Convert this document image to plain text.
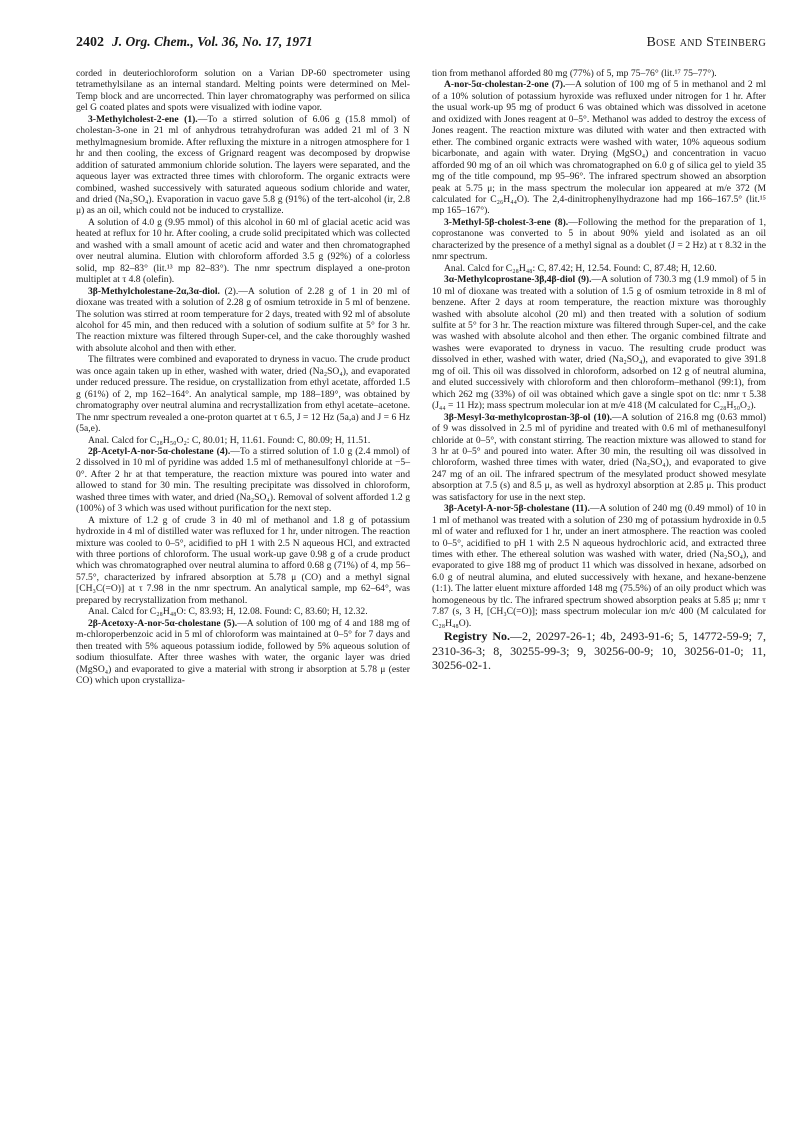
2402 J. Org. Chem., Vol. 36, No. 17, 1971	Bose and Steinberg

corded in deuteriochloroform solution on a Varian DP-60 spectrometer using tetramethylsilane as an internal standard. Melting points were determined on Mel-Temp block and are uncorrected. Thin layer chromatography was performed on silica gel G coated plates and spots were visualized with iodine vapor.

3-Methylcholest-2-ene (1).—To a stirred solution of 6.06 g (15.8 mmol) of cholestan-3-one in 21 ml of anhydrous tetrahydrofuran was added 21 ml of 3 N methylmagnesium bromide. After refluxing the mixture in a nitrogen atmosphere for 1 hr and then cooling, the excess of Grignard reagent was decomposed by dropwise addition of saturated ammonium chloride solution. The layers were separated, and the aqueous layer was extracted three times with chloroform. The organic extracts were combined, washed successively with saturated aqueous sodium chloride and water, and dried (Na₂SO₄). Evaporation in vacuo gave 5.8 g (91%) of the tert-alcohol (ir, 2.8 μ) as an oil, which could not be induced to crystallize.

A solution of 4.0 g (9.95 mmol) of this alcohol in 60 ml of glacial acetic acid was heated at reflux for 10 hr. After cooling, a crude solid precipitated which was collected and washed with a small amount of acetic acid and water and then chromatographed over neutral alumina. Elution with chloroform afforded 3.5 g (92%) of a colorless solid, mp 82–83° (lit.¹³ mp 82–83°). The nmr spectrum displayed a one-proton multiplet at τ 4.8 (olefin).

3β-Methylcholestane-2α,3α-diol. (2).—A solution of 2.28 g of 1 in 20 ml of dioxane was treated with a solution of 2.28 g of osmium tetroxide in 5 ml of benzene. The solution was stirred at room temperature for 2 days, treated with 92 ml of absolute alcohol for 45 min, and then reduced with a solution of sodium sulfite at 5° for 3 hr. The reaction mixture was filtered through Super-cel, and the cake thoroughly washed with absolute alcohol and then with ether.

The filtrates were combined and evaporated to dryness in vacuo. The crude product was once again taken up in ether, washed with water, dried (Na₂SO₄), and evaporated under reduced pressure. The residue, on crystallization from ethyl acetate, afforded 1.5 g (61%) of 2, mp 162–164°. An analytical sample, mp 188–189°, was obtained by chromatography over neutral alumina and recrystallization from ethyl acetate–acetone. The nmr spectrum revealed a one-proton quartet at τ 6.5, J = 12 Hz (5a,a) and J = 6 Hz (5a,e).

Anal. Calcd for C₂₈H₅₀O₂: C, 80.01; H, 11.61. Found: C, 80.09; H, 11.51.

2β-Acetyl-A-nor-5α-cholestane (4).—To a stirred solution of 1.0 g (2.4 mmol) of 2 dissolved in 10 ml of pyridine was added 1.5 ml of methanesulfonyl chloride at −5–0°. After 2 hr at that temperature, the reaction mixture was poured into water and allowed to stand for 30 min. The resulting precipitate was dissolved in chloroform, washed three times with water, and dried (Na₂SO₄). Removal of solvent afforded 1.2 g (100%) of 3 which was used without purification for the next step.

A mixture of 1.2 g of crude 3 in 40 ml of methanol and 1.8 g of potassium hydroxide in 4 ml of distilled water was refluxed for 1 hr, under nitrogen. The reaction mixture was cooled to 0–5°, acidified to pH 1 with 2.5 N aqueous HCl, and extracted with three portions of chloroform. The usual work-up gave 0.98 g of a crude product which was chromatographed over neutral alumina to afford 0.68 g (71%) of 4, mp 56–57.5°, characterized by infrared absorption at 5.78 μ (CO) and a methyl signal [CH₃C(=O)] at τ 7.98 in the nmr spectrum. An analytical sample, mp 62–64°, was prepared by recrystallization from methanol.

Anal. Calcd for C₂₈H₄₈O: C, 83.93; H, 12.08. Found: C, 83.60; H, 12.32.

2β-Acetoxy-A-nor-5α-cholestane (5).—A solution of 100 mg of 4 and 188 mg of m-chloroperbenzoic acid in 5 ml of chloroform was maintained at 0–5° for 7 days and then treated with 5% aqueous potassium iodide, followed by 5% aqueous solution of sodium thiosulfate. After three washes with water, the organic layer was dried (MgSO₄) and evaporated to give a material with strong ir absorption at 5.78 μ (ester CO) which upon crystalliza-

tion from methanol afforded 80 mg (77%) of 5, mp 75–76° (lit.¹⁷ 75–77°).

A-nor-5α-cholestan-2-one (7).—A solution of 100 mg of 5 in methanol and 2 ml of a 10% solution of potassium hyroxide was refluxed under nitrogen for 1 hr. After the usual work-up 95 mg of product 6 was obtained which was dissolved in acetone and oxidized with Jones reagent at 0–5°. Methanol was added to destroy the excess of Jones reagent. The reaction mixture was diluted with water and then extracted with ether. The combined organic extracts were washed with water, 10% aqueous sodium bicarbonate, and again with water. Drying (MgSO₄) and concentration in vacuo afforded 90 mg of an oil which was chromatographed on 6.0 g of silica gel to yield 35 mg of the title compound, mp 95–96°. The infrared spectrum showed an absorption peak at 5.75 μ; in the mass spectrum the molecular ion appeared at m/e 372 (M calculated for C₂₆H₄₄O). The 2,4-dinitrophenylhydrazone had mp 166–167.5° (lit.¹⁵ mp 165–167°).

3-Methyl-5β-cholest-3-ene (8).—Following the method for the preparation of 1, coprostanone was converted to 5 in about 90% yield and isolated as an oil characterized by the presence of a methyl signal as a doublet (J = 2 Hz) at τ 8.32 in the nmr spectrum.

Anal. Calcd for C₂₈H₄₈: C, 87.42; H, 12.54. Found: C, 87.48; H, 12.60.

3α-Methylcoprostane-3β,4β-diol (9).—A solution of 730.3 mg (1.9 mmol) of 5 in 10 ml of dioxane was treated with a solution of 1.5 g of osmium tetroxide in 8 ml of benzene. After 2 days at room temperature, the reaction mixture was thoroughly washed with absolute alcohol (20 ml) and then treated with a solution of sodium sulfite at 5° for 3 hr. The reaction mixture was filtered through Super-cel, and the cake was washed with absolute alcohol and then ether. The organic combined filtrate and washes were evaporated to dryness in vacuo. The resulting crude product was dissolved in ether, washed with water, dried (Na₂SO₄), and evaporated to give 391.8 mg of oil. This oil was dissolved in chloroform, adsorbed on 12 g of neutral alumina, and eluted successively with chloroform and then chloroform–methanol (99:1), from which 262 mg (33%) of oil was obtained which gave a single spot on tlc: nmr τ 5.38 (J₄₄ = 11 Hz); mass spectrum molecular ion at m/e 418 (M calculated for C₂₈H₅₀O₂).

3β-Mesyl-3α-methylcoprostan-3β-ol (10).—A solution of 216.8 mg (0.63 mmol) of 9 was dissolved in 2.5 ml of pyridine and treated with 0.6 ml of methanesulfonyl chloride at 0–5°, with constant stirring. The reaction mixture was allowed to stand for 3 hr at 0–5° and poured into water. After 30 min, the resulting oil was dissolved in chloroform, washed three times with water, dried (Na₂SO₄), and evaporated to give 247 mg of an oil. The infrared spectrum of the mesylated product showed mesylate absorption at 7.5 (s) and 8.5 μ, as well as hydroxyl absorption at 2.85 μ. This product was satisfactory for use in the next step.

3β-Acetyl-A-nor-5β-cholestane (11).—A solution of 240 mg (0.49 mmol) of 10 in 1 ml of methanol was treated with a solution of 230 mg of potassium hydroxide in 0.5 ml of water and refluxed for 1 hr, under an inert atmosphere. The reaction was cooled to 0–5°, acidified to pH 1 with 2.5 N aqueous hydrochloric acid, and extracted three times with ether. The ethereal solution was washed with water, dried (Na₂SO₄), and evaporated to give 188 mg of product 11 which was dissolved in hexane, adsorbed on 6.0 g of neutral alumina, and eluted successively with hexane, and hexane-benzene (1:1). The latter eluent mixture afforded 148 mg (75.5%) of an oily product which was homogeneous by tlc. The infrared spectrum showed absorption peaks at 5.85 μ; nmr τ 7.87 (s, 3 H, [CH₃C(=O)]; mass spectrum molecular ion m/c 400 (M calculated for C₂₈H₄₈O).

Registry No.—2, 20297-26-1; 4b, 2493-91-6; 5, 14772-59-9; 7, 2310-36-3; 8, 30255-99-3; 9, 30256-00-9; 10, 30256-01-0; 11, 30256-02-1.
